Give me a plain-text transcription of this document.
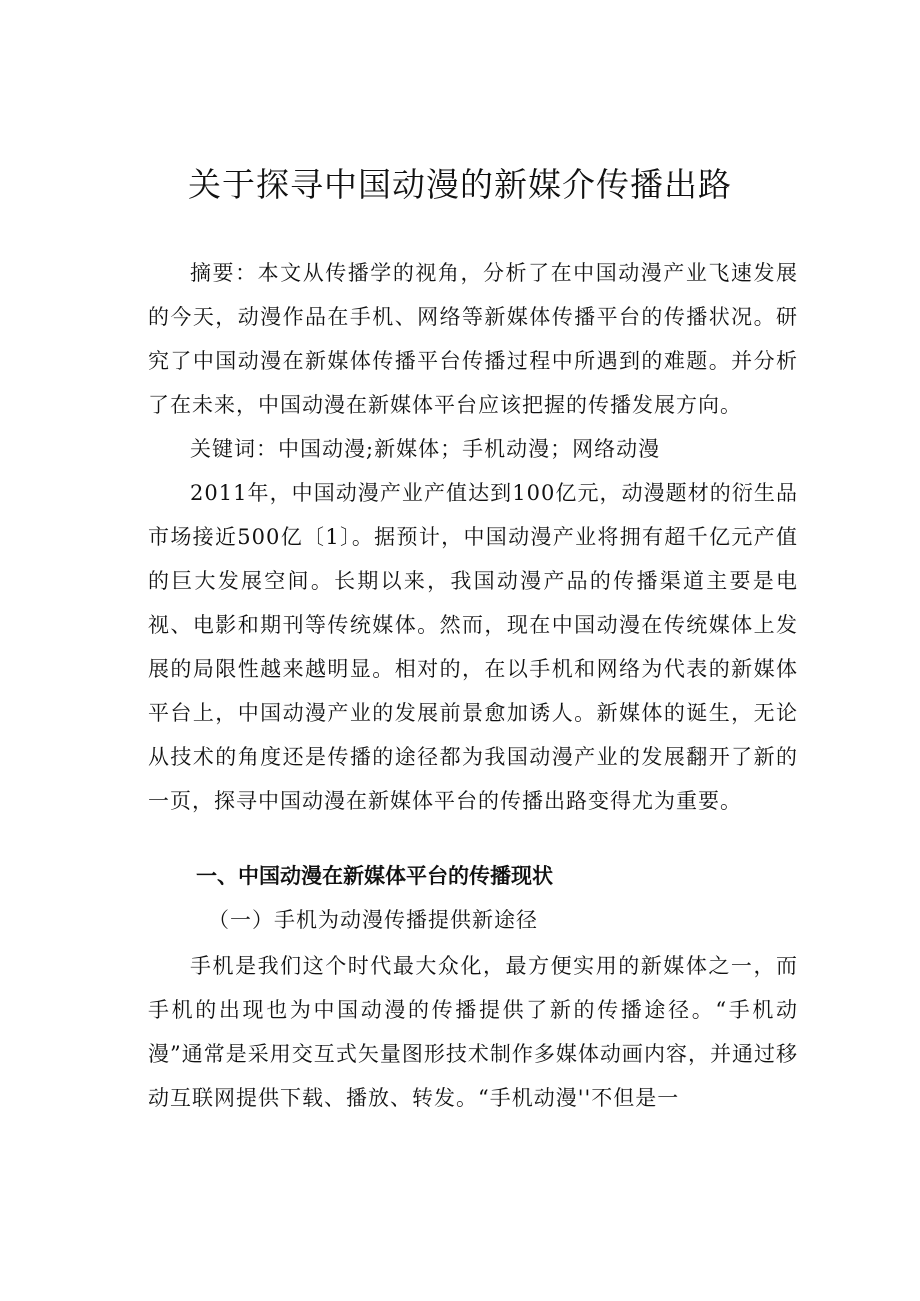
关于探寻中国动漫的新媒介传播出路

摘要：本文从传播学的视角，分析了在中国动漫产业飞速发展的今天，动漫作品在手机、网络等新媒体传播平台的传播状况。研究了中国动漫在新媒体传播平台传播过程中所遇到的难题。并分析了在未来，中国动漫在新媒体平台应该把握的传播发展方向。

关键词：中国动漫;新媒体；手机动漫；网络动漫

2011年，中国动漫产业产值达到100亿元，动漫题材的衍生品市场接近500亿〔1〕。据预计，中国动漫产业将拥有超千亿元产值的巨大发展空间。长期以来，我国动漫产品的传播渠道主要是电视、电影和期刊等传统媒体。然而，现在中国动漫在传统媒体上发展的局限性越来越明显。相对的，在以手机和网络为代表的新媒体平台上，中国动漫产业的发展前景愈加诱人。新媒体的诞生，无论从技术的角度还是传播的途径都为我国动漫产业的发展翻开了新的一页，探寻中国动漫在新媒体平台的传播出路变得尤为重要。

一、中国动漫在新媒体平台的传播现状
（一）手机为动漫传播提供新途径

手机是我们这个时代最大众化，最方便实用的新媒体之一，而手机的出现也为中国动漫的传播提供了新的传播途径。“手机动漫”通常是采用交互式矢量图形技术制作多媒体动画内容，并通过移动互联网提供下载、播放、转发。“手机动漫''不但是一
